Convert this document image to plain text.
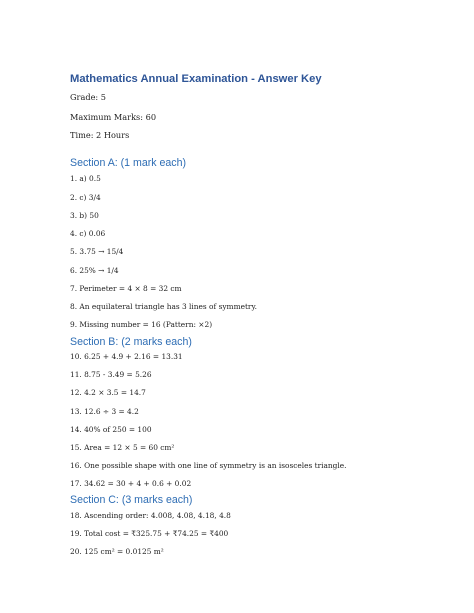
Mathematics Annual Examination - Answer Key
Grade: 5
Maximum Marks: 60
Time: 2 Hours
Section A: (1 mark each)
1. a) 0.5
2. c) 3/4
3. b) 50
4. c) 0.06
5. 3.75 → 15/4
6. 25% → 1/4
7. Perimeter = 4 × 8 = 32 cm
8. An equilateral triangle has 3 lines of symmetry.
9. Missing number = 16 (Pattern: ×2)
Section B: (2 marks each)
10. 6.25 + 4.9 + 2.16 = 13.31
11. 8.75 - 3.49 = 5.26
12. 4.2 × 3.5 = 14.7
13. 12.6 ÷ 3 = 4.2
14. 40% of 250 = 100
15. Area = 12 × 5 = 60 cm²
16. One possible shape with one line of symmetry is an isosceles triangle.
17. 34.62 = 30 + 4 + 0.6 + 0.02
Section C: (3 marks each)
18. Ascending order: 4.008, 4.08, 4.18, 4.8
19. Total cost = ₹325.75 + ₹74.25 = ₹400
20. 125 cm² = 0.0125 m²
